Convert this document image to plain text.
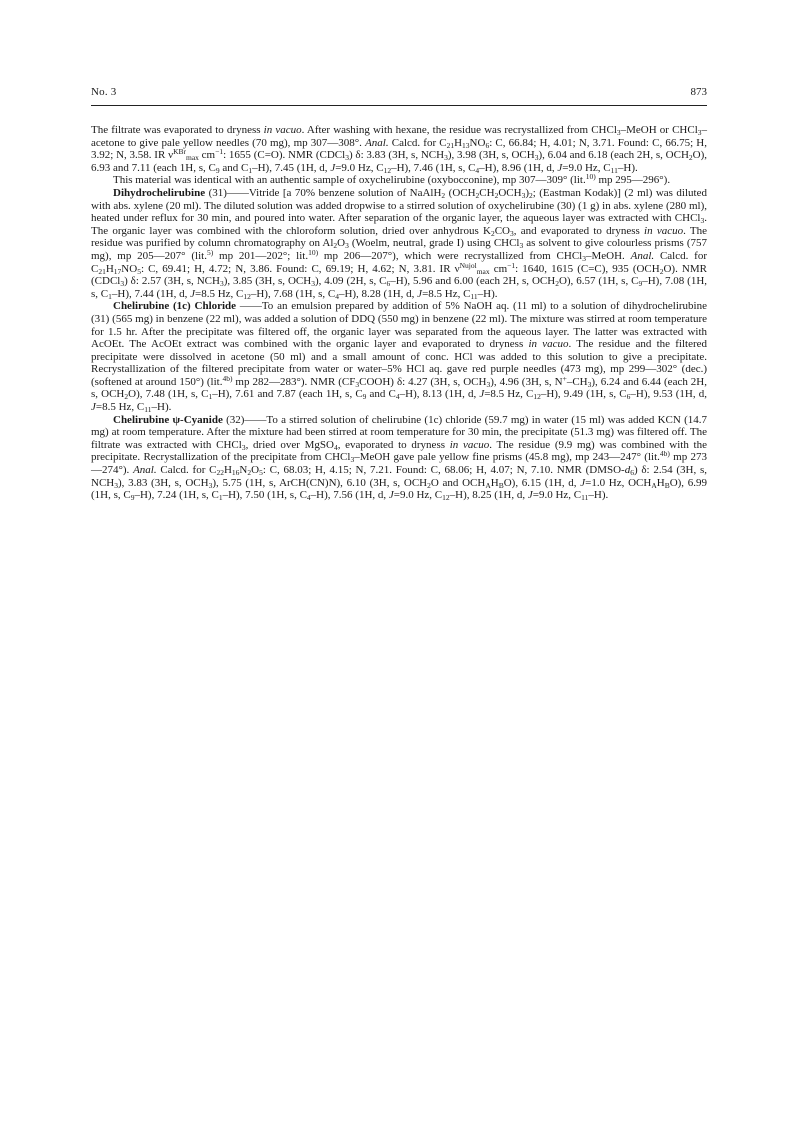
No. 3	873

The filtrate was evaporated to dryness in vacuo. After washing with hexane, the residue was recrystallized from CHCl$_3$–MeOH or CHCl$_3$–acetone to give pale yellow needles (70 mg), mp 307—308°. Anal. Calcd. for $C_{21}H_{13}NO_6$: C, 66.84; H, 4.01; N, 3.71. Found: C, 66.75; H, 3.92; N, 3.58. IR $\nu^{KBr}_{max}$ $cm^{-1}$: 1655 (C=O). NMR (CDCl$_3$) δ: 3.83 (3H, s, $NCH_3$), 3.98 (3H, s, $OCH_3$), 6.04 and 6.18 (each 2H, s, $OCH_2O$), 6.93 and 7.11 (each 1H, s, $C_9$ and $C_1-H$), 7.45 (1H, d, J=9.0 Hz, $C_{12}-H$), 7.46 (1H, s, $C_4-H$), 8.96 (1H, d, J=9.0 Hz, $C_{11}-H$).

This material was identical with an authentic sample of oxychelirubine (oxybocconine), mp 307—309° (lit.$^{10)}$ mp 295—296°).

Dihydrochelirubine (31)——Vitride [a 70% benzene solution of NaAlH$_2$ $(OCH_2CH_2OCH_3)_2$; (Eastman Kodak)] (2 ml) was diluted with abs. xylene (20 ml). The diluted solution was added dropwise to a stirred solution of oxychelirubine (30) (1 g) in abs. xylene (280 ml), heated under reflux for 30 min, and poured into water. After separation of the organic layer, the aqueous layer was extracted with CHCl$_3$. The organic layer was combined with the chloroform solution, dried over anhydrous $K_2CO_3$, and evaporated to dryness in vacuo. The residue was purified by column chromatography on $Al_2O_3$ (Woelm, neutral, grade I) using CHCl$_3$ as solvent to give colourless prisms (757 mg), mp 205—207° (lit.$^{5)}$ mp 201—202°; lit.$^{10)}$ mp 206—207°), which were recrystallized from CHCl$_3$–MeOH. Anal. Calcd. for $C_{21}H_{17}NO_5$: C, 69.41; H, 4.72; N, 3.86. Found: C, 69.19; H, 4.62; N, 3.81. IR $\nu^{Nujol}_{max}$ $cm^{-1}$: 1640, 1615 (C=C), 935 $(OCH_2O)$. NMR (CDCl$_3$) δ: 2.57 (3H, s, $NCH_3$), 3.85 (3H, s, $OCH_3$), 4.09 (2H, s, $C_6-H$), 5.96 and 6.00 (each 2H, s, $OCH_2O$), 6.57 (1H, s, $C_9-H$), 7.08 (1H, s, $C_1-H$), 7.44 (1H, d, J=8.5 Hz, $C_{12}-H$), 7.68 (1H, s, $C_4-H$), 8.28 (1H, d, J=8.5 Hz, $C_{11}-H$).

Chelirubine (1c) Chloride ——To an emulsion prepared by addition of 5% NaOH aq. (11 ml) to a solution of dihydrochelirubine (31) (565 mg) in benzene (22 ml), was added a solution of DDQ (550 mg) in benzene (22 ml). The mixture was stirred at room temperature for 1.5 hr. After the precipitate was filtered off, the organic layer was separated from the aqueous layer. The latter was extracted with AcOEt. The AcOEt extract was combined with the organic layer and evaporated to dryness in vacuo. The residue and the filtered precipitate were dissolved in acetone (50 ml) and a small amount of conc. HCl was added to this solution to give a precipitate. Recrystallization of the filtered precipitate from water or water–5% HCl aq. gave red purple needles (473 mg), mp 299—302° (dec.) (softened at around 150°) (lit.$^{4b)}$ mp 282—283°). NMR $(CF_3COOH)$ δ: 4.27 (3H, s, $OCH_3$), 4.96 (3H, s, $N^+-CH_3$), 6.24 and 6.44 (each 2H, s, $OCH_2O$), 7.48 (1H, s, $C_1-H$), 7.61 and 7.87 (each 1H, s, $C_9$ and $C_4-H$), 8.13 (1H, d, J=8.5 Hz, $C_{12}-H$), 9.49 (1H, s, $C_6-H$), 9.53 (1H, d, J=8.5 Hz, $C_{11}-H$).

Chelirubine ψ-Cyanide (32)——To a stirred solution of chelirubine (1c) chloride (59.7 mg) in water (15 ml) was added KCN (14.7 mg) at room temperature. After the mixture had been stirred at room temperature for 30 min, the precipitate (51.3 mg) was filtered off. The filtrate was extracted with CHCl$_3$, dried over MgSO$_4$, evaporated to dryness in vacuo. The residue (9.9 mg) was combined with the precipitate. Recrystallization of the precipitate from CHCl$_3$–MeOH gave pale yellow fine prisms (45.8 mg), mp 243—247° (lit.$^{4b)}$ mp 273—274°). Anal. Calcd. for $C_{22}H_{16}N_2O_5$: C, 68.03; H, 4.15; N, 7.21. Found: C, 68.06; H, 4.07; N, 7.10. NMR $(DMSO-d_6)$ δ: 2.54 (3H, s, $NCH_3$), 3.83 (3H, s, $OCH_3$), 5.75 (1H, s, ArCH(CN)N), 6.10 (3H, s, $OCH_2O$ and $OCH_AH_BO$), 6.15 (1H, d, J=1.0 Hz, $OCH_AH_BO$), 6.99 (1H, s, $C_9-H$), 7.24 (1H, s, $C_1-H$), 7.50 (1H, s, $C_4-H$), 7.56 (1H, d, J=9.0 Hz, $C_{12}-H$), 8.25 (1H, d, J=9.0 Hz, $C_{11}-H$).
